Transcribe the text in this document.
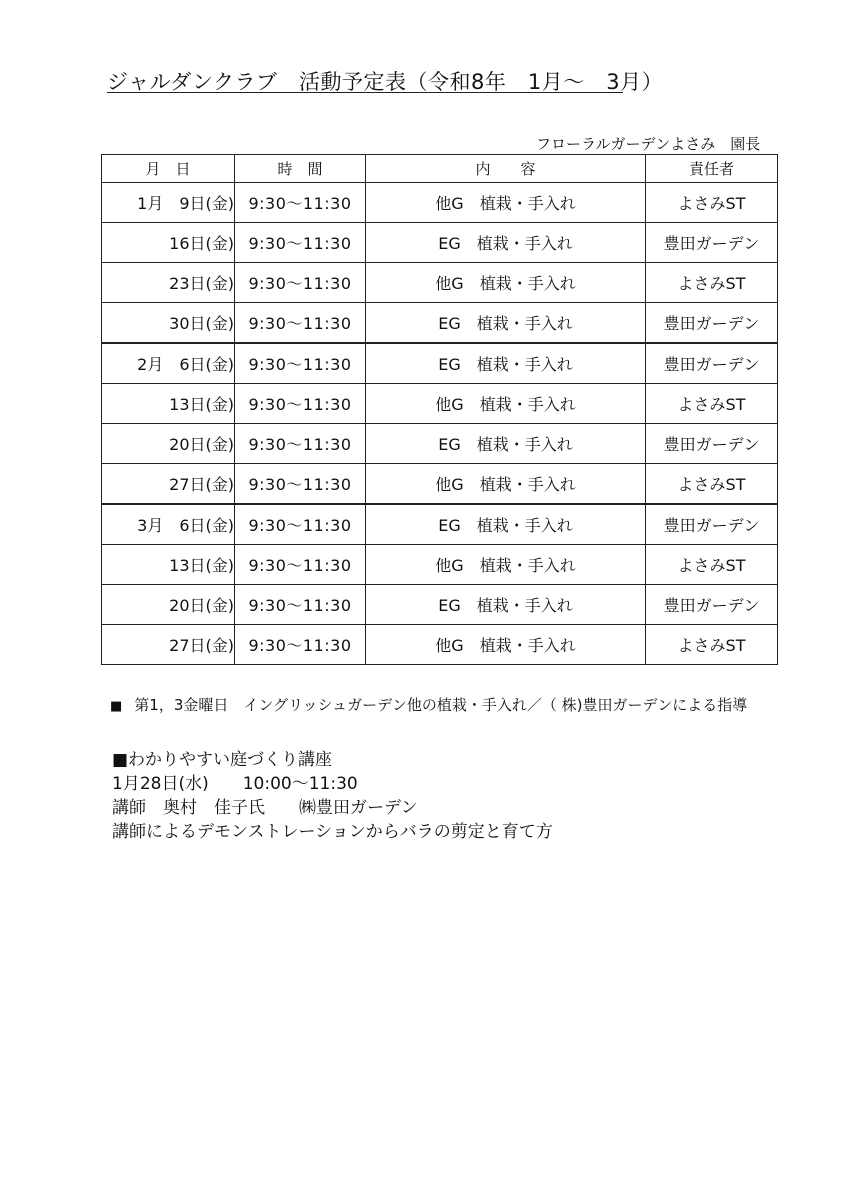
ジャルダンクラブ　活動予定表（令和8年　1月～　3月）
フローラルガーデンよさみ　園長
月　日	時　間	内　　容	責任者
1月　9日(金)	9:30～11:30	他G　植栽・手入れ	よさみST
16日(金)	9:30～11:30	EG　植栽・手入れ	豊田ガーデン
23日(金)	9:30～11:30	他G　植栽・手入れ	よさみST
30日(金)	9:30～11:30	EG　植栽・手入れ	豊田ガーデン
2月　6日(金)	9:30～11:30	EG　植栽・手入れ	豊田ガーデン
13日(金)	9:30～11:30	他G　植栽・手入れ	よさみST
20日(金)	9:30～11:30	EG　植栽・手入れ	豊田ガーデン
27日(金)	9:30～11:30	他G　植栽・手入れ	よさみST
3月　6日(金)	9:30～11:30	EG　植栽・手入れ	豊田ガーデン
13日(金)	9:30～11:30	他G　植栽・手入れ	よさみST
20日(金)	9:30～11:30	EG　植栽・手入れ	豊田ガーデン
27日(金)	9:30～11:30	他G　植栽・手入れ	よさみST
■ 第1，3金曜日　イングリッシュガーデン他の植栽・手入れ／（ 株)豊田ガーデンによる指導
■わかりやすい庭づくり講座
1月28日(水)　　10:00～11:30
講師　奥村　佳子氏　　㈱豊田ガーデン
講師によるデモンストレーションからバラの剪定と育て方
